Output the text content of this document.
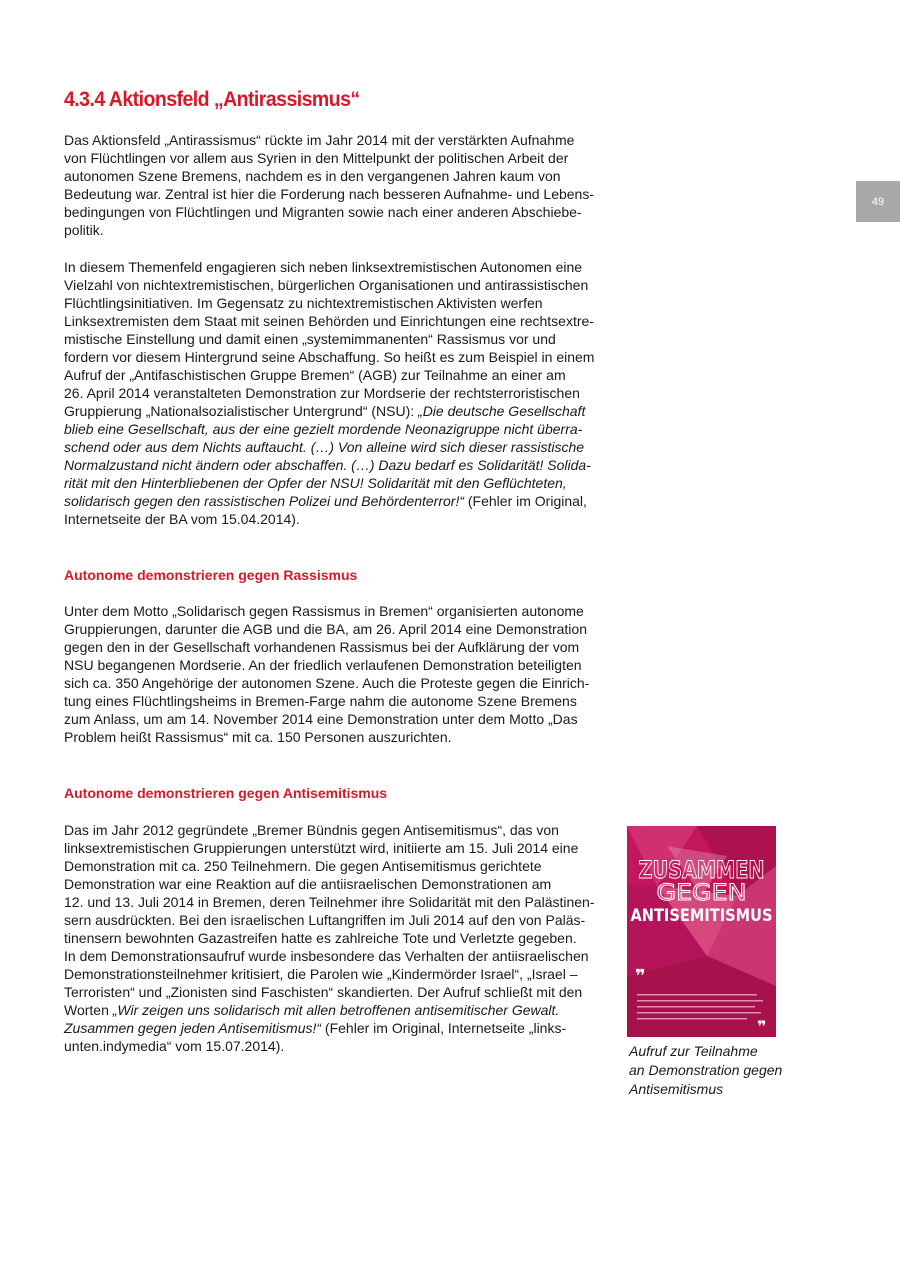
49
4.3.4 Aktionsfeld „Antirassismus“

Das Aktionsfeld „Antirassismus“ rückte im Jahr 2014 mit der verstärkten Aufnahme
von Flüchtlingen vor allem aus Syrien in den Mittelpunkt der politischen Arbeit der
autonomen Szene Bremens, nachdem es in den vergangenen Jahren kaum von
Bedeutung war. Zentral ist hier die Forderung nach besseren Aufnahme- und Lebens-
bedingungen von Flüchtlingen und Migranten sowie nach einer anderen Abschiebe-
politik.

In diesem Themenfeld engagieren sich neben linksextremistischen Autonomen eine
Vielzahl von nichtextremistischen, bürgerlichen Organisationen und antirassistischen
Flüchtlingsinitiativen. Im Gegensatz zu nichtextremistischen Aktivisten werfen
Linksextremisten dem Staat mit seinen Behörden und Einrichtungen eine rechtsextre-
mistische Einstellung und damit einen „systemimmanenten“ Rassismus vor und
fordern vor diesem Hintergrund seine Abschaffung. So heißt es zum Beispiel in einem
Aufruf der „Antifaschistischen Gruppe Bremen“ (AGB) zur Teilnahme an einer am
26. April 2014 veranstalteten Demonstration zur Mordserie der rechtsterroristischen
Gruppierung „Nationalsozialistischer Untergrund“ (NSU): „Die deutsche Gesellschaft
blieb eine Gesellschaft, aus der eine gezielt mordende Neonazigruppe nicht überra-
schend oder aus dem Nichts auftaucht. (…) Von alleine wird sich dieser rassistische
Normalzustand nicht ändern oder abschaffen. (…) Dazu bedarf es Solidarität! Solida-
rität mit den Hinterbliebenen der Opfer der NSU! Solidarität mit den Geflüchteten,
solidarisch gegen den rassistischen Polizei und Behördenterror!“ (Fehler im Original,
Internetseite der BA vom 15.04.2014).

Autonome demonstrieren gegen Rassismus

Unter dem Motto „Solidarisch gegen Rassismus in Bremen“ organisierten autonome
Gruppierungen, darunter die AGB und die BA, am 26. April 2014 eine Demonstration
gegen den in der Gesellschaft vorhandenen Rassismus bei der Aufklärung der vom
NSU begangenen Mordserie. An der friedlich verlaufenen Demonstration beteiligten
sich ca. 350 Angehörige der autonomen Szene. Auch die Proteste gegen die Einrich-
tung eines Flüchtlingsheims in Bremen-Farge nahm die autonome Szene Bremens
zum Anlass, um am 14. November 2014 eine Demonstration unter dem Motto „Das
Problem heißt Rassismus“ mit ca. 150 Personen auszurichten.

Autonome demonstrieren gegen Antisemitismus

Das im Jahr 2012 gegründete „Bremer Bündnis gegen Antisemitismus“, das von
linksextremistischen Gruppierungen unterstützt wird, initiierte am 15. Juli 2014 eine
Demonstration mit ca. 250 Teilnehmern. Die gegen Antisemitismus gerichtete
Demonstration war eine Reaktion auf die antiisraelischen Demonstrationen am
12. und 13. Juli 2014 in Bremen, deren Teilnehmer ihre Solidarität mit den Palästinen-
sern ausdrückten. Bei den israelischen Luftangriffen im Juli 2014 auf den von Paläs-
tinensern bewohnten Gazastreifen hatte es zahlreiche Tote und Verletzte gegeben.
In dem Demonstrationsaufruf wurde insbesondere das Verhalten der antiisraelischen
Demonstrationsteilnehmer kritisiert, die Parolen wie „Kindermörder Israel“, „Israel –
Terroristen“ und „Zionisten sind Faschisten“ skandierten. Der Aufruf schließt mit den
Worten „Wir zeigen uns solidarisch mit allen betroffenen antisemitischer Gewalt.
Zusammen gegen jeden Antisemitismus!“ (Fehler im Original, Internetseite „links-
unten.indymedia“ vom 15.07.2014).

ZUSAMMEN
GEGEN
ANTISEMITISMUS
❞
❞
Aufruf zur Teilnahme
an Demonstration gegen
Antisemitismus
